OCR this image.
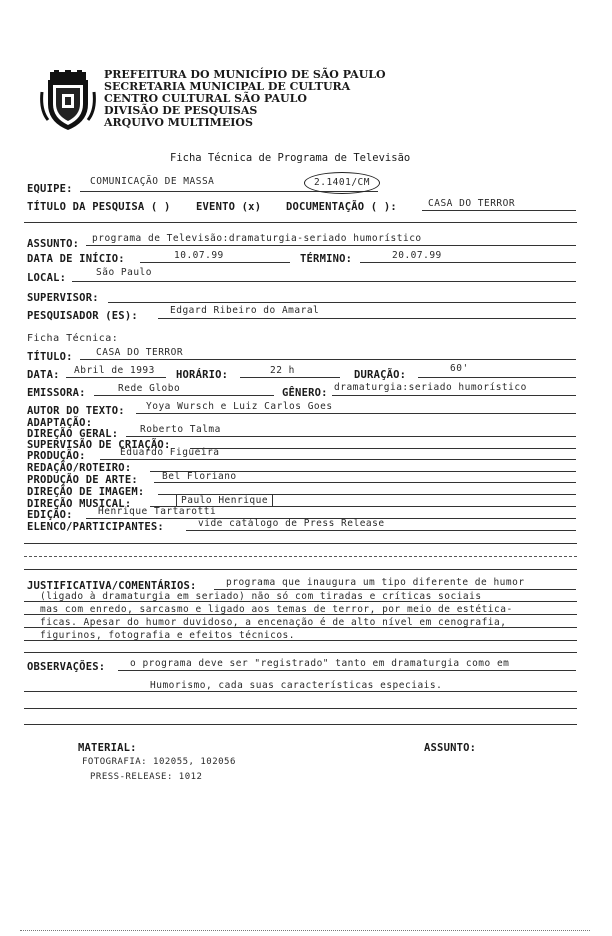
PREFEITURA DO MUNICÍPIO DE SÃO PAULO
SECRETARIA MUNICIPAL DE CULTURA
CENTRO CULTURAL SÃO PAULO
DIVISÃO DE PESQUISAS
ARQUIVO MULTIMEIOS
Ficha Técnica de Programa de Televisão
EQUIPE:
COMUNICAÇÃO DE MASSA	2.1401/CM
TÍTULO DA PESQUISA ( ) EVENTO (x) DOCUMENTAÇÃO ( ):	CASA DO TERROR
ASSUNTO: programa de Televisão:dramaturgia-seriado humorístico
DATA DE INÍCIO:	10.07.99	TÉRMINO:	20.07.99
LOCAL:	São Paulo
SUPERVISOR:
PESQUISADOR (ES):	Edgard Ribeiro do Amaral
Ficha Técnica:
TÍTULO: CASA DO TERROR
DATA: Abril de 1993 HORÁRIO:	22 h	DURAÇÃO:
60'
EMISSORA:	Rede Globo	GÊNERO: dramaturgia:seriado humorístico
AUTOR DO TEXTO: Yoya Wursch e Luiz Carlos Goes
ADAPTAÇÃO:
DIREÇÃO GERAL: Roberto Talma
SUPERVISÃO DE CRIAÇÃO:
PRODUÇÃO:	Eduardo Figueira
REDAÇÃO/ROTEIRO:
PRODUÇÃO DE ARTE:	Bel Floriano
DIREÇÃO DE IMAGEM:
DIREÇÃO MUSICAL:	Paulo Henrique
EDIÇÃO:	Henrique Tartarotti
ELENCO/PARTICIPANTES:	vide catálogo de Press Release
JUSTIFICATIVA/COMENTÁRIOS:	programa que inaugura um tipo diferente de humor
(ligado à dramaturgia em seriado) não só com tiradas e críticas sociais
mas com enredo, sarcasmo e ligado aos temas de terror, por meio de estética-
ficas. Apesar do humor duvidoso, a encenação é de alto nível em cenografia,
figurinos, fotografia e efeitos técnicos.
OBSERVAÇÕES:	o programa deve ser "registrado" tanto em dramaturgia como em
Humorismo, cada suas características especiais.
MATERIAL:	ASSUNTO:
FOTOGRAFIA: 102055, 102056
PRESS-RELEASE: 1012
